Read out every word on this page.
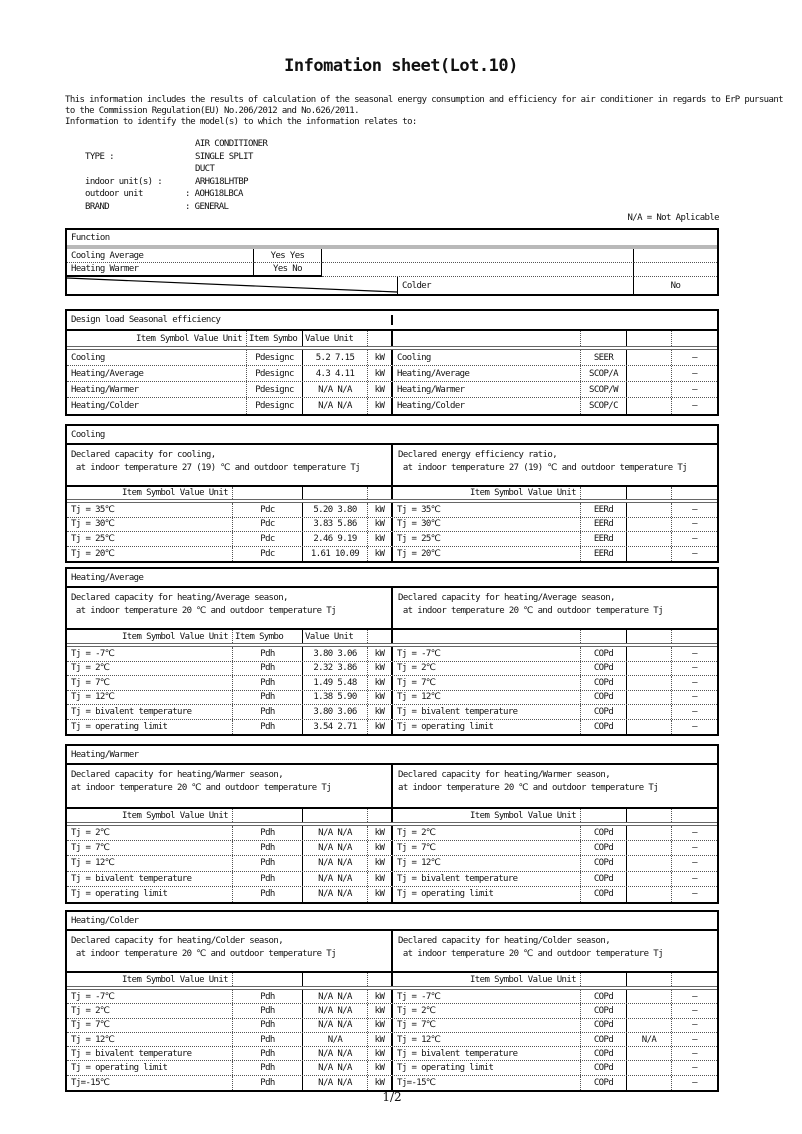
Infomation sheet(Lot.10)
This information includes the results of calculation of the seasonal energy consumption and efficiency for air conditioner in regards to ErP pursuant
to the Commission Regulation(EU) No.206/2012 and No.626/2011.
Information to identify the model(s) to which the information relates to:
AIR CONDITIONER
TYPE :	SINGLE SPLIT
DUCT
indoor unit(s) :	ARHG18LHTBP
outdoor unit	: AOHG18LBCA
BRAND	: GENERAL
N/A = Not Aplicable
Function
Cooling Average	Yes Yes
Heating Warmer	Yes No
Colder	No
Design load Seasonal efficiency
Item Symbol Value Unit Item Symbo Value Unit
Cooling	Pdesignc	5.2 7.15	kW	Cooling	SEER	–
Heating/Average	Pdesignc	4.3 4.11	kW	Heating/Average	SCOP/A	–
Heating/Warmer	Pdesignc	N/A N/A	kW	Heating/Warmer	SCOP/W	–
Heating/Colder	Pdesignc	N/A N/A	kW	Heating/Colder	SCOP/C	–
Cooling
Declared capacity for cooling,
at indoor temperature 27 (19) ℃ and outdoor temperature Tj
Declared energy efficiency ratio,
at indoor temperature 27 (19) ℃ and outdoor temperature Tj
Item Symbol Value Unit	Item Symbol Value Unit
Tj = 35℃	Pdc	5.20 3.80	kW	Tj = 35℃	EERd	–
Tj = 30℃	Pdc	3.83 5.86	kW	Tj = 30℃	EERd	–
Tj = 25℃	Pdc	2.46 9.19	kW	Tj = 25℃	EERd	–
Tj = 20℃	Pdc	1.61 10.09	kW	Tj = 20℃	EERd	–
Heating/Average
Declared capacity for heating/Average season,
at indoor temperature 20 ℃ and outdoor temperature Tj
Declared capacity for heating/Average season,
at indoor temperature 20 ℃ and outdoor temperature Tj
Item Symbol Value Unit Item Symbo	Value Unit
Tj = -7℃	Pdh	3.80 3.06	kW	Tj = -7℃	COPd	–
Tj = 2℃	Pdh	2.32 3.86	kW	Tj = 2℃	COPd	–
Tj = 7℃	Pdh	1.49 5.48	kW	Tj = 7℃	COPd	–
Tj = 12℃	Pdh	1.38 5.90	kW	Tj = 12℃	COPd	–
Tj = bivalent temperature	Pdh	3.80 3.06	kW	Tj = bivalent temperature	COPd	–
Tj = operating limit	Pdh	3.54 2.71	kW	Tj = operating limit	COPd	–
Heating/Warmer
Declared capacity for heating/Warmer season,
at indoor temperature 20 ℃ and outdoor temperature Tj
Declared capacity for heating/Warmer season,
at indoor temperature 20 ℃ and outdoor temperature Tj
Item Symbol Value Unit	Item Symbol Value Unit
Tj = 2℃	Pdh	N/A N/A	kW	Tj = 2℃	COPd	–
Tj = 7℃	Pdh	N/A N/A	kW	Tj = 7℃	COPd	–
Tj = 12℃	Pdh	N/A N/A	kW	Tj = 12℃	COPd	–
Tj = bivalent temperature	Pdh	N/A N/A	kW	Tj = bivalent temperature	COPd	–
Tj = operating limit	Pdh	N/A N/A	kW	Tj = operating limit	COPd	–
Heating/Colder
Declared capacity for heating/Colder season,
at indoor temperature 20 ℃ and outdoor temperature Tj
Declared capacity for heating/Colder season,
at indoor temperature 20 ℃ and outdoor temperature Tj
Item Symbol Value Unit	Item Symbol Value Unit
Tj = -7℃	Pdh	N/A N/A	kW	Tj = -7℃	COPd	–
Tj = 2℃	Pdh	N/A N/A	kW	Tj = 2℃	COPd	–
Tj = 7℃	Pdh	N/A N/A	kW	Tj = 7℃	COPd	–
Tj = 12℃	Pdh	N/A	kW	Tj = 12℃	COPd	N/A	–
Tj = bivalent temperature	Pdh	N/A N/A	kW	Tj = bivalent temperature	COPd	–
Tj = operating limit	Pdh	N/A N/A	kW	Tj = operating limit	COPd	–
Tj=-15℃	Pdh	N/A N/A	kW	Tj=-15℃	COPd	–
1/2
